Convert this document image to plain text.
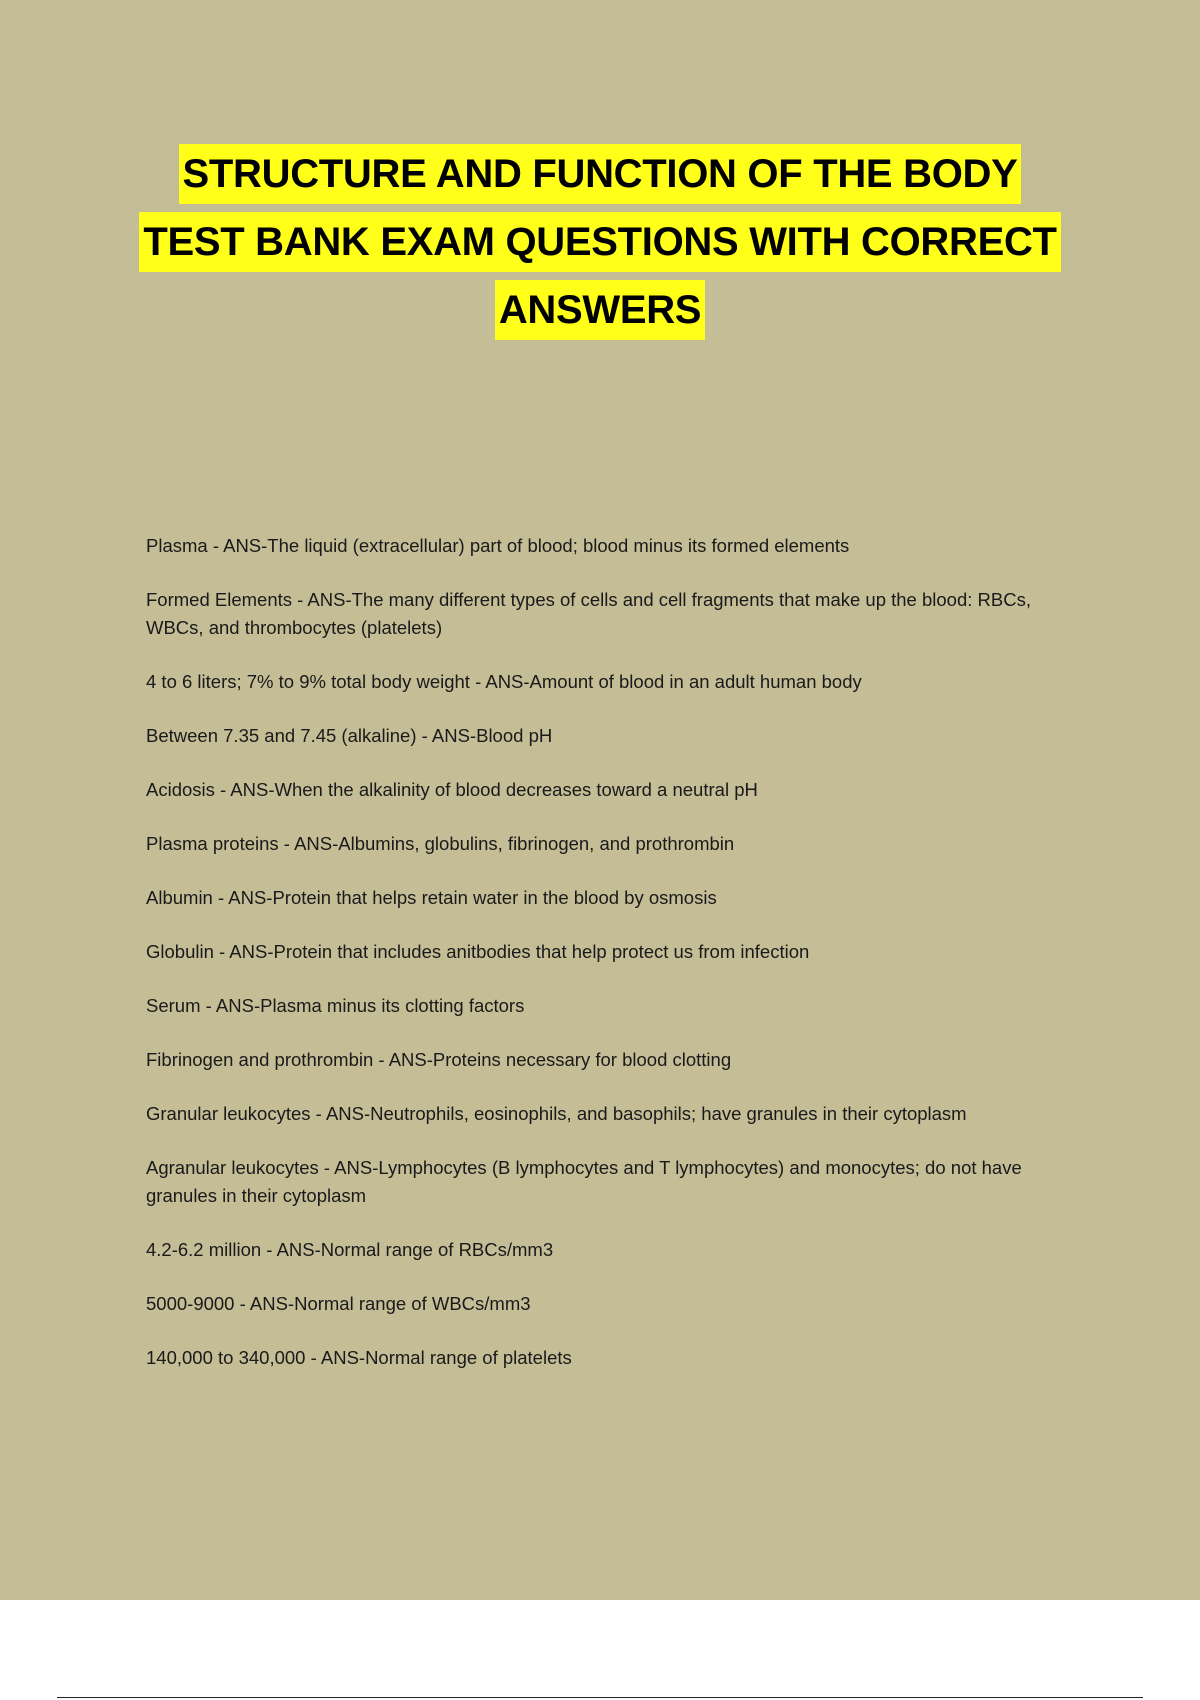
STRUCTURE AND FUNCTION OF THE BODY
TEST BANK EXAM QUESTIONS WITH CORRECT
ANSWERS

Plasma - ANS-The liquid (extracellular) part of blood; blood minus its formed elements

Formed Elements - ANS-The many different types of cells and cell fragments that make up the blood: RBCs, WBCs, and thrombocytes (platelets)

4 to 6 liters; 7% to 9% total body weight - ANS-Amount of blood in an adult human body

Between 7.35 and 7.45 (alkaline) - ANS-Blood pH

Acidosis - ANS-When the alkalinity of blood decreases toward a neutral pH

Plasma proteins - ANS-Albumins, globulins, fibrinogen, and prothrombin

Albumin - ANS-Protein that helps retain water in the blood by osmosis

Globulin - ANS-Protein that includes anitbodies that help protect us from infection

Serum - ANS-Plasma minus its clotting factors

Fibrinogen and prothrombin - ANS-Proteins necessary for blood clotting

Granular leukocytes - ANS-Neutrophils, eosinophils, and basophils; have granules in their cytoplasm

Agranular leukocytes - ANS-Lymphocytes (B lymphocytes and T lymphocytes) and monocytes; do not have granules in their cytoplasm

4.2-6.2 million - ANS-Normal range of RBCs/mm3

5000-9000 - ANS-Normal range of WBCs/mm3

140,000 to 340,000 - ANS-Normal range of platelets
